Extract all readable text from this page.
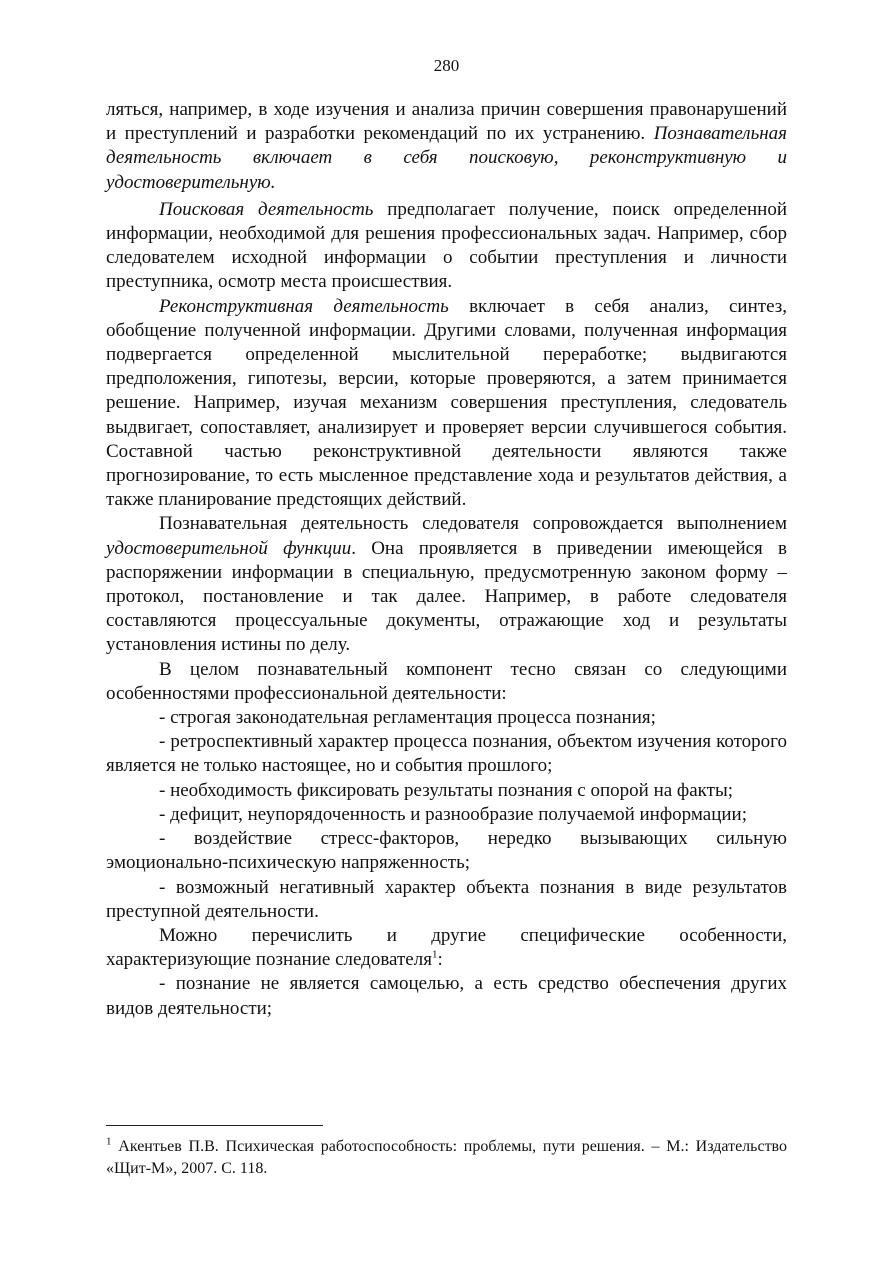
280

ляться, например, в ходе изучения и анализа причин совершения правонарушений и преступлений и разработки рекомендаций по их устранению. Познавательная деятельность включает в себя поисковую, реконструктивную и удостоверительную.

Поисковая деятельность предполагает получение, поиск определенной информации, необходимой для решения профессиональных задач. Например, сбор следователем исходной информации о событии преступления и личности преступника, осмотр места происшествия.

Реконструктивная деятельность включает в себя анализ, синтез, обобщение полученной информации. Другими словами, полученная информация подвергается определенной мыслительной переработке; выдвигаются предположения, гипотезы, версии, которые проверяются, а затем принимается решение. Например, изучая механизм совершения преступления, следователь выдвигает, сопоставляет, анализирует и проверяет версии случившегося события. Составной частью реконструктивной деятельности являются также прогнозирование, то есть мысленное представление хода и результатов действия, а также планирование предстоящих действий.

Познавательная деятельность следователя сопровождается выполнением удостоверительной функции. Она проявляется в приведении имеющейся в распоряжении информации в специальную, предусмотренную законом форму – протокол, постановление и так далее. Например, в работе следователя составляются процессуальные документы, отражающие ход и результаты установления истины по делу.

В целом познавательный компонент тесно связан со следующими особенностями профессиональной деятельности:

- строгая законодательная регламентация процесса познания;

- ретроспективный характер процесса познания, объектом изучения которого является не только настоящее, но и события прошлого;

- необходимость фиксировать результаты познания с опорой на факты;

- дефицит, неупорядоченность и разнообразие получаемой информации;

- воздействие стресс-факторов, нередко вызывающих сильную эмоционально-психическую напряженность;

- возможный негативный характер объекта познания в виде результатов преступной деятельности.

Можно перечислить и другие специфические особенности, характеризующие познание следователя$^1$:

- познание не является самоцелью, а есть средство обеспечения других видов деятельности;

$^1$ Акентьев П.В. Психическая работоспособность: проблемы, пути решения. – М.: Издательство «Щит-М», 2007. С. 118.
